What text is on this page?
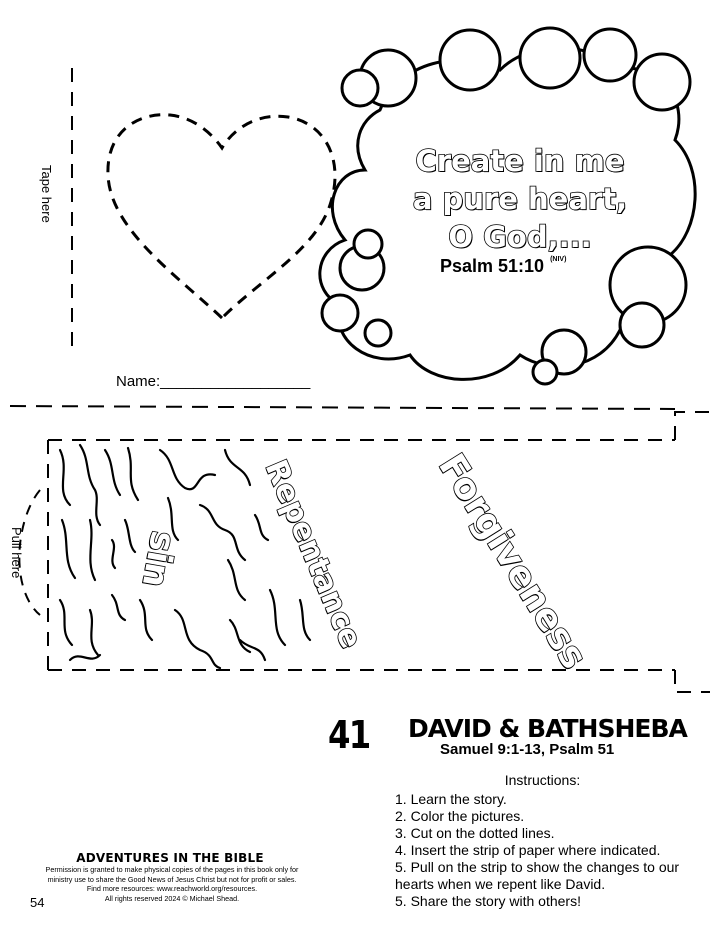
Create in me
a pure heart,
O God,...
Psalm 51:10 $^{(NIV)}$
Tape here
Pull here
Name:__________________
sin Repentance Forgiveness
41 DAVID & BATHSHEBA
Samuel 9:1-13, Psalm 51
Instructions:
1. Learn the story.
2. Color the pictures.
3. Cut on the dotted lines.
4. Insert the strip of paper where indicated.
5. Pull on the strip to show the changes to our hearts when we repent like David.
5. Share the story with others!
ADVENTURES IN THE BIBLE
Permission is granted to make physical copies of the pages in this book only for
ministry use to share the Good News of Jesus Christ but not for profit or sales.
Find more resources: www.reachworld.org/resources.
All rights reserved 2024 © Michael Shead.
54
